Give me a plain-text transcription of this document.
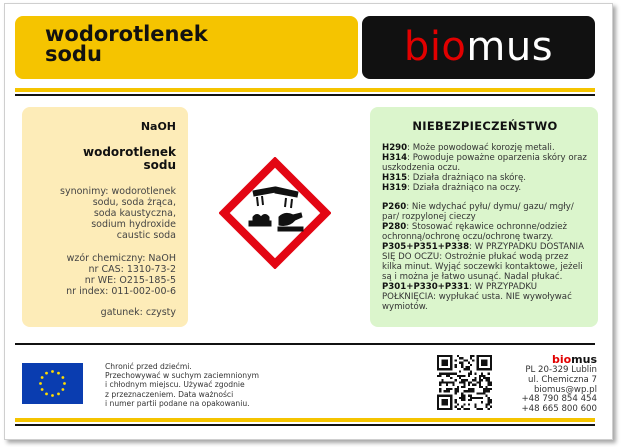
wodorotlenek
sodu	biomus
NaOH
wodorotlenek
sodu
synonimy: wodorotlenek
sodu, soda żrąca,
soda kaustyczna,
sodium hydroxide
caustic soda
wzór chemiczny: NaOH
nr CAS: 1310-73-2
nr WE: O215-185-5
nr index: 011-002-00-6
gatunek: czysty
NIEBEZPIECZEŃSTWO

H290: Może powodować korozję metali.

H314: Powoduje poważne oparzenia skóry oraz uszkodzenia oczu.

H315: Działa drażniąco na skórę.

H319: Działa drażniąco na oczy.

P260: Nie wdychać pyłu/ dymu/ gazu/ mgły/ par/ rozpylonej cieczy

P280: Stosować rękawice ochronne/odzież ochronną/ochronę oczu/ochronę twarzy.

P305+P351+P338: W PRZYPADKU DOSTANIA SIĘ DO OCZU: Ostrożnie płukać wodą przez kilka minut. Wyjąć soczewki kontaktowe, jeżeli są i można je łatwo usunąć. Nadal płukać.

P301+P330+P331: W PRZYPADKU POŁKNIĘCIA: wypłukać usta. NIE wywoływać wymiotów.

Chronić przed dziećmi.
Przechowywać w suchym zaciemnionym
i chłodnym miejscu. Używać zgodnie
z przeznaczeniem. Data ważności
i numer partii podane na opakowaniu.
biomus
PL 20-329 Lublin
ul. Chemiczna 7
biomus@wp.pl
+48 790 854 454
+48 665 800 600
